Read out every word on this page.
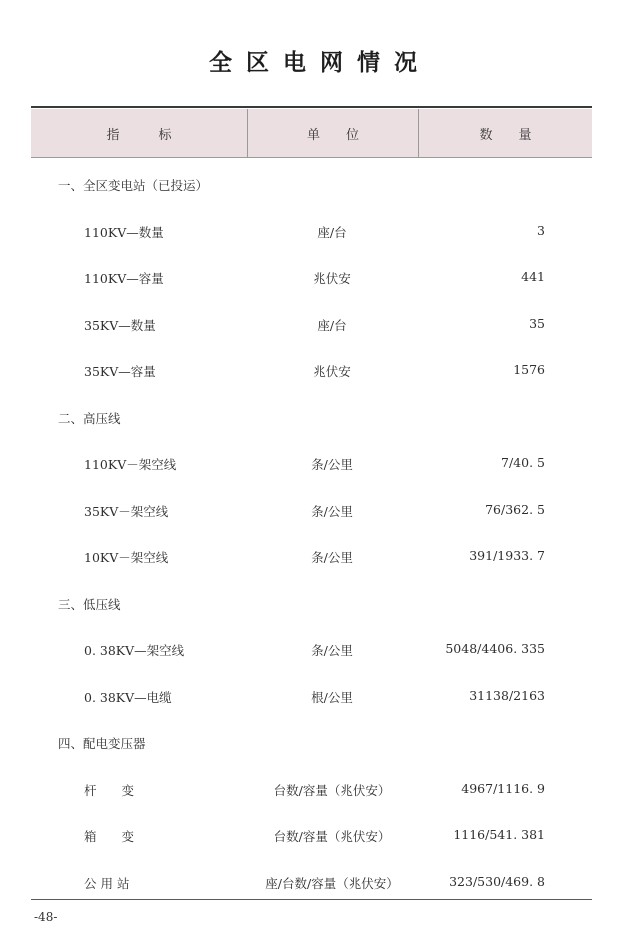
全区电网情况
指　　　标	单　　位	数　　量
一、全区变电站（已投运）
110KV—数量	座/台	3
110KV—容量	兆伏安	441
35KV—数量	座/台	35
35KV—容量	兆伏安	1576
二、高压线
110KV－架空线	条/公里	7/40. 5
35KV－架空线	条/公里	76/362. 5
10KV－架空线	条/公里	391/1933. 7
三、低压线
0. 38KV—架空线	条/公里	5048/4406. 335
0. 38KV—电缆	根/公里	31138/2163
四、配电变压器
杆　　变	台数/容量（兆伏安）	4967/1116. 9
箱　　变	台数/容量（兆伏安）	1116/541. 381
公 用 站	座/台数/容量（兆伏安）	323/530/469. 8
-48-
